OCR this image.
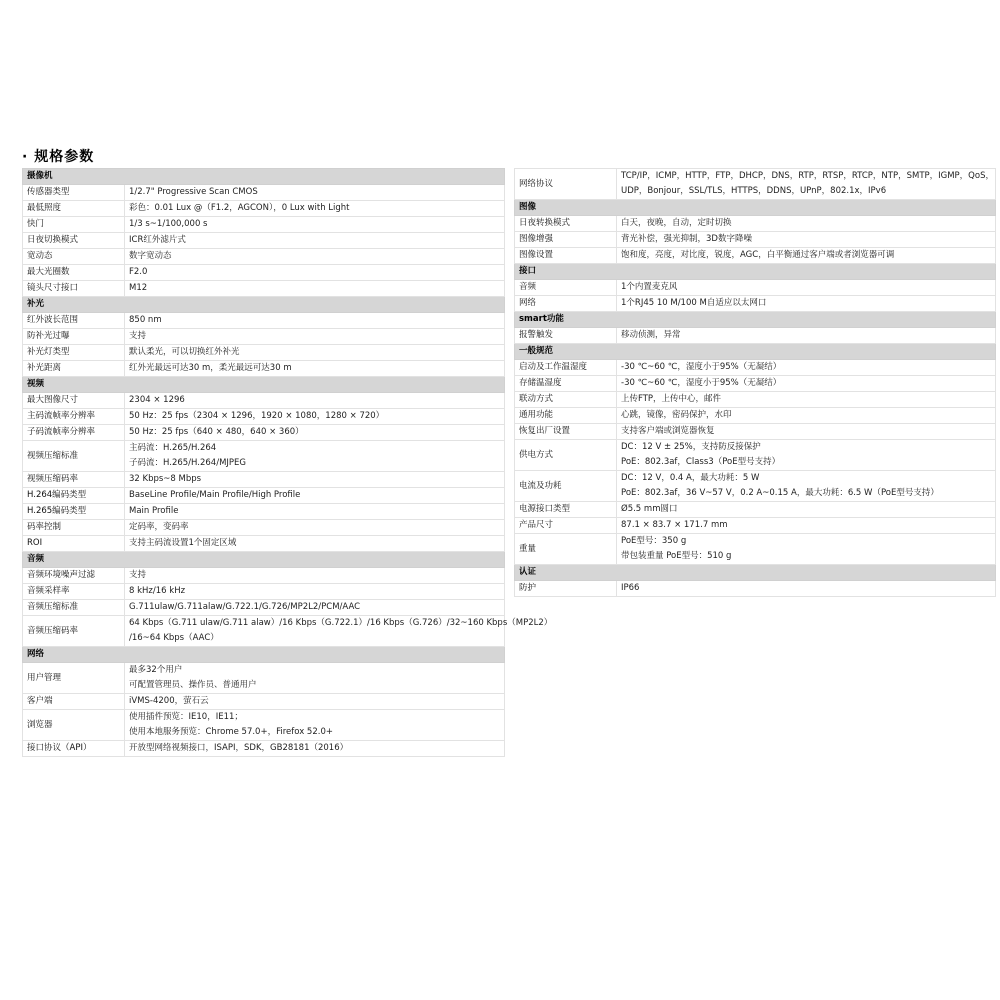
· 规格参数
摄像机	
传感器类型	1/2.7" Progressive Scan CMOS

最低照度	彩色：0.01 Lux @（F1.2，AGCON），0 Lux with Light

快门	1/3 s~1/100,000 s

日夜切换模式	ICR红外滤片式

宽动态	数字宽动态

最大光圈数	F2.0

镜头尺寸接口	M12

补光	
红外波长范围	850 nm

防补光过曝	支持

补光灯类型	默认柔光，可以切换红外补光

补光距离	红外光最远可达30 m，柔光最远可达30 m

视频	
最大图像尺寸	2304 × 1296

主码流帧率分辨率	50 Hz：25 fps（2304 × 1296，1920 × 1080，1280 × 720）

子码流帧率分辨率	50 Hz：25 fps（640 × 480，640 × 360）

视频压缩标准	主码流：H.265/H.264
子码流：H.265/H.264/MJPEG

视频压缩码率	32 Kbps~8 Mbps

H.264编码类型	BaseLine Profile/Main Profile/High Profile

H.265编码类型	Main Profile

码率控制	定码率，变码率

ROI	支持主码流设置1个固定区域

音频	
音频环境噪声过滤	支持

音频采样率	8 kHz/16 kHz

音频压缩标准	G.711ulaw/G.711alaw/G.722.1/G.726/MP2L2/PCM/AAC

音频压缩码率	64 Kbps（G.711 ulaw/G.711 alaw）/16 Kbps（G.722.1）/16 Kbps（G.726）/32~160 Kbps（MP2L2）
/16~64 Kbps（AAC）

网络	
用户管理	最多32个用户
可配置管理员、操作员、普通用户

客户端	iVMS-4200，萤石云

浏览器	使用插件预览：IE10，IE11；
使用本地服务预览：Chrome 57.0+，Firefox 52.0+

接口协议（API）	开放型网络视频接口，ISAPI，SDK，GB28181（2016）
网络协议	TCP/IP，ICMP，HTTP，FTP，DHCP，DNS，RTP，RTSP，RTCP，NTP，SMTP，IGMP，QoS，
UDP，Bonjour，SSL/TLS，HTTPS，DDNS，UPnP，802.1x，IPv6

图像	
日夜转换模式	白天，夜晚，自动，定时切换

图像增强	背光补偿，强光抑制，3D数字降噪

图像设置	饱和度，亮度，对比度，锐度，AGC，白平衡通过客户端或者浏览器可调

接口	
音频	1个内置麦克风

网络	1个RJ45 10 M/100 M自适应以太网口

smart功能	
报警触发	移动侦测，异常

一般规范	
启动及工作温湿度	-30 ℃~60 ℃，湿度小于95%（无凝结）

存储温湿度	-30 ℃~60 ℃，湿度小于95%（无凝结）

联动方式	上传FTP，上传中心，邮件

通用功能	心跳，镜像，密码保护，水印

恢复出厂设置	支持客户端或浏览器恢复

供电方式	DC：12 V ± 25%，支持防反接保护
PoE：802.3af，Class3（PoE型号支持）

电流及功耗	DC：12 V，0.4 A，最大功耗：5 W
PoE：802.3af，36 V~57 V，0.2 A~0.15 A，最大功耗：6.5 W（PoE型号支持）

电源接口类型	Ø5.5 mm圆口

产品尺寸	87.1 × 83.7 × 171.7 mm

重量	PoE型号：350 g
带包装重量 PoE型号：510 g

认证	
防护	IP66
